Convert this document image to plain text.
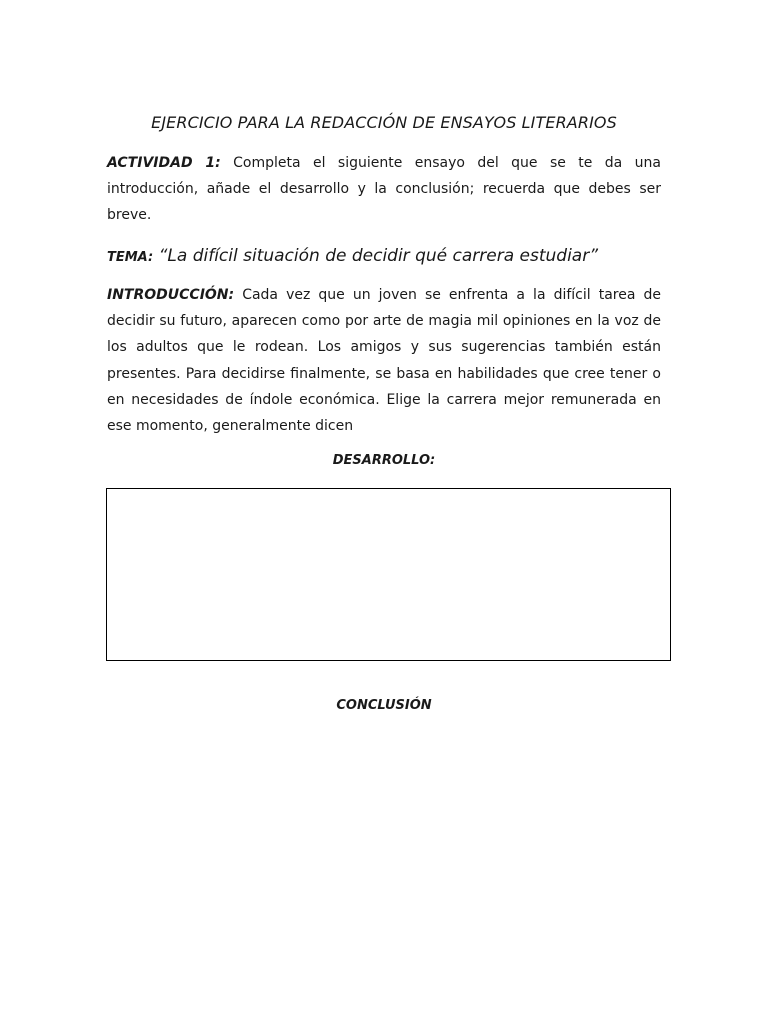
EJERCICIO PARA LA REDACCIÓN DE ENSAYOS LITERARIOS
ACTIVIDAD 1: Completa el siguiente ensayo del que se te da una introducción, añade el desarrollo y la conclusión; recuerda que debes ser breve.
TEMA: “La difícil situación de decidir qué carrera estudiar”
INTRODUCCIÓN: Cada vez que un joven se enfrenta a la difícil tarea de decidir su futuro, aparecen como por arte de magia mil opiniones en la voz de los adultos que le rodean. Los amigos y sus sugerencias también están presentes. Para decidirse finalmente, se basa en habilidades que cree tener o en necesidades de índole económica. Elige la carrera mejor remunerada en ese momento, generalmente dicen
DESARROLLO:
CONCLUSIÓN
